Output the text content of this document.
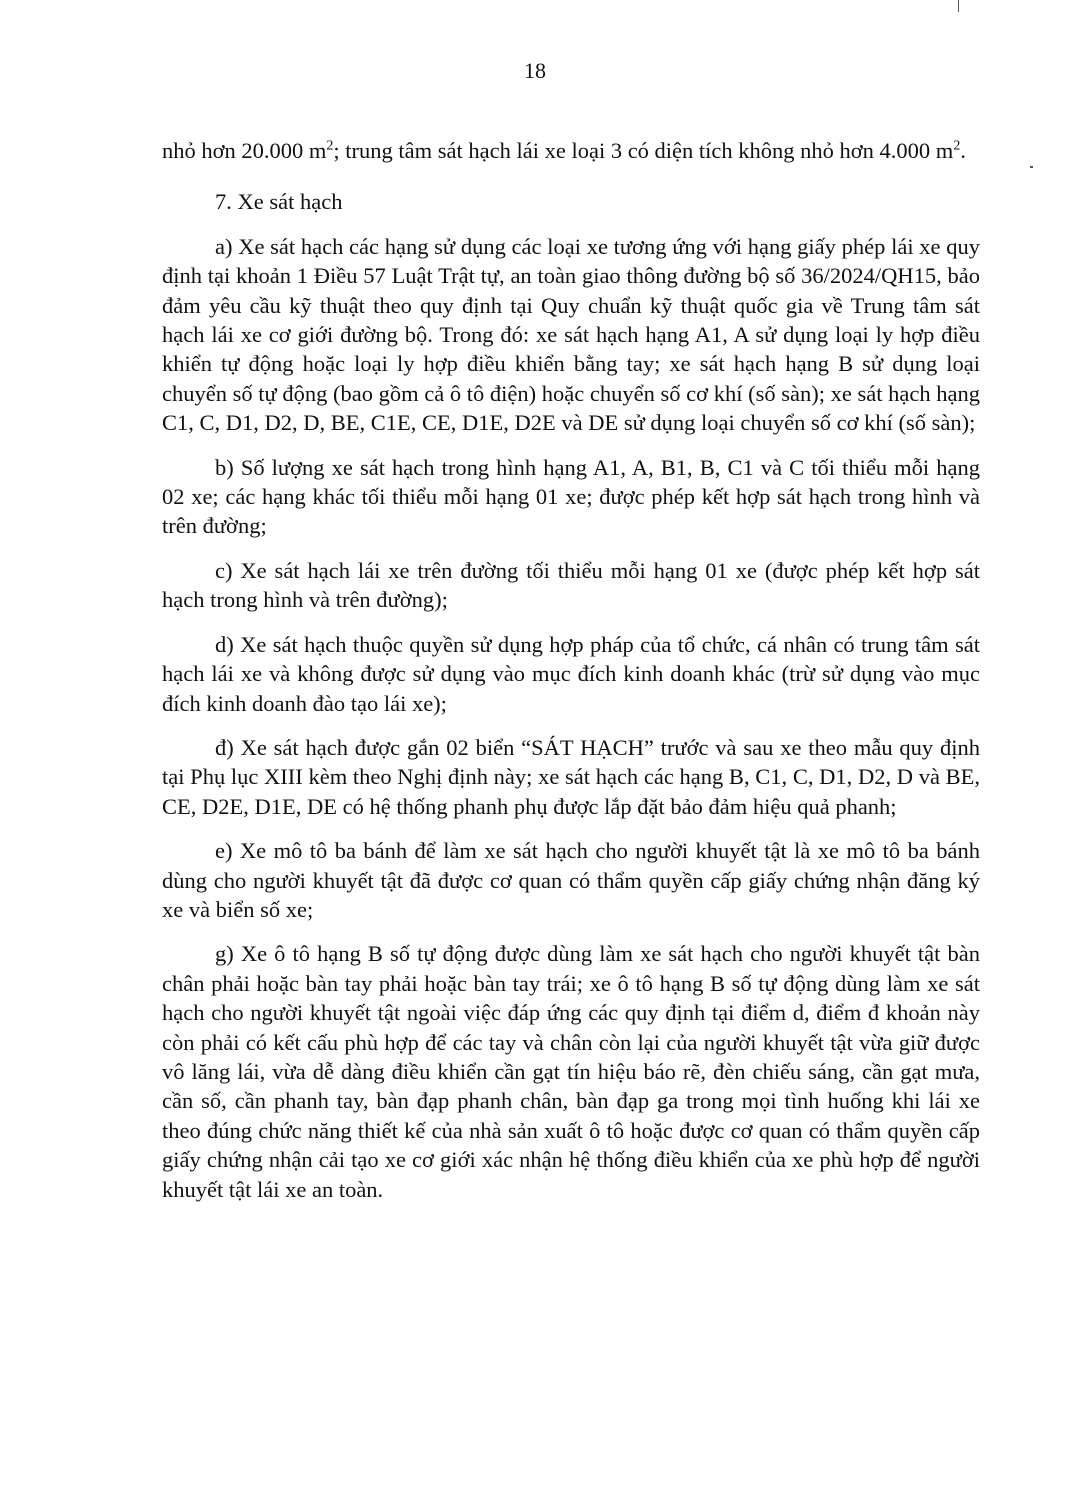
18

nhỏ hơn 20.000 $m^2$; trung tâm sát hạch lái xe loại 3 có diện tích không nhỏ hơn 4.000 $m^2$.

7. Xe sát hạch

a) Xe sát hạch các hạng sử dụng các loại xe tương ứng với hạng giấy phép lái xe quy định tại khoản 1 Điều 57 Luật Trật tự, an toàn giao thông đường bộ số 36/2024/QH15, bảo đảm yêu cầu kỹ thuật theo quy định tại Quy chuẩn kỹ thuật quốc gia về Trung tâm sát hạch lái xe cơ giới đường bộ. Trong đó: xe sát hạch hạng A1, A sử dụng loại ly hợp điều khiển tự động hoặc loại ly hợp điều khiển bằng tay; xe sát hạch hạng B sử dụng loại chuyển số tự động (bao gồm cả ô tô điện) hoặc chuyển số cơ khí (số sàn); xe sát hạch hạng C1, C, D1, D2, D, BE, C1E, CE, D1E, D2E và DE sử dụng loại chuyển số cơ khí (số sàn);

b) Số lượng xe sát hạch trong hình hạng A1, A, B1, B, C1 và C tối thiểu mỗi hạng 02 xe; các hạng khác tối thiểu mỗi hạng 01 xe; được phép kết hợp sát hạch trong hình và trên đường;

c) Xe sát hạch lái xe trên đường tối thiểu mỗi hạng 01 xe (được phép kết hợp sát hạch trong hình và trên đường);

d) Xe sát hạch thuộc quyền sử dụng hợp pháp của tổ chức, cá nhân có trung tâm sát hạch lái xe và không được sử dụng vào mục đích kinh doanh khác (trừ sử dụng vào mục đích kinh doanh đào tạo lái xe);

đ) Xe sát hạch được gắn 02 biển “SÁT HẠCH” trước và sau xe theo mẫu quy định tại Phụ lục XIII kèm theo Nghị định này; xe sát hạch các hạng B, C1, C, D1, D2, D và BE, CE, D2E, D1E, DE có hệ thống phanh phụ được lắp đặt bảo đảm hiệu quả phanh;

e) Xe mô tô ba bánh để làm xe sát hạch cho người khuyết tật là xe mô tô ba bánh dùng cho người khuyết tật đã được cơ quan có thẩm quyền cấp giấy chứng nhận đăng ký xe và biển số xe;

g) Xe ô tô hạng B số tự động được dùng làm xe sát hạch cho người khuyết tật bàn chân phải hoặc bàn tay phải hoặc bàn tay trái; xe ô tô hạng B số tự động dùng làm xe sát hạch cho người khuyết tật ngoài việc đáp ứng các quy định tại điểm d, điểm đ khoản này còn phải có kết cấu phù hợp để các tay và chân còn lại của người khuyết tật vừa giữ được vô lăng lái, vừa dễ dàng điều khiển cần gạt tín hiệu báo rẽ, đèn chiếu sáng, cần gạt mưa, cần số, cần phanh tay, bàn đạp phanh chân, bàn đạp ga trong mọi tình huống khi lái xe theo đúng chức năng thiết kế của nhà sản xuất ô tô hoặc được cơ quan có thẩm quyền cấp giấy chứng nhận cải tạo xe cơ giới xác nhận hệ thống điều khiển của xe phù hợp để người khuyết tật lái xe an toàn.
